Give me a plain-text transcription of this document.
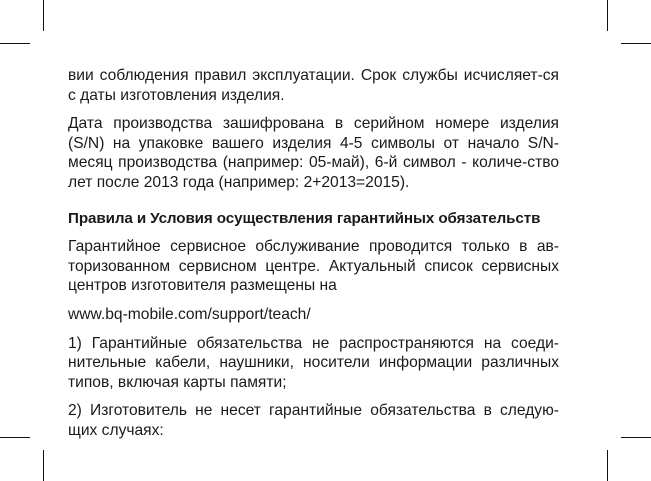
вии соблюдения правил эксплуатации. Срок службы исчисляет-ся с даты изготовления изделия.

Дата производства зашифрована в серийном номере изделия (S/N) на упаковке вашего изделия 4-5 символы от начало S/N-месяц производства (например: 05-май), 6-й символ - количе-ство лет после 2013 года (например: 2+2013=2015).

Правила и Условия осуществления гарантийных обязательств

Гарантийное сервисное обслуживание проводится только в ав-торизованном сервисном центре. Актуальный список сервисных центров изготовителя размещены на

www.bq-mobile.com/support/teach/

1) Гарантийные обязательства не распространяются на соеди-нительные кабели, наушники, носители информации различных типов, включая карты памяти;

2) Изготовитель не несет гарантийные обязательства в следую-щих случаях:
